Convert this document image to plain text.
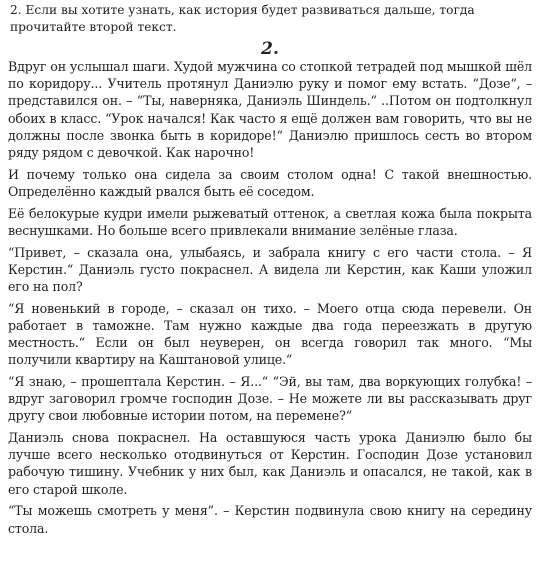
2. Если вы хотите узнать, как история будет развиваться дальше, тогда прочитайте второй текст.

2.

Вдруг он услышал шаги. Худой мужчина со стопкой тетрадей под мышкой шёл по коридору... Учитель протянул Даниэлю руку и помог ему встать. “Дозе“, – представился он. – “Ты, наверняка, Даниэль Шиндель.“ ..Потом он подтолкнул обоих в класс. “Урок начался! Как часто я ещё должен вам говорить, что вы не должны после звонка быть в коридоре!“ Даниэлю пришлось сесть во втором ряду рядом с девочкой. Как нарочно!

И почему только она сидела за своим столом одна! С такой внешностью. Определённо каждый рвался быть её соседом.

Её белокурые кудри имели рыжеватый оттенок, а светлая кожа была покрыта веснушками. Но больше всего привлекали внимание зелёные глаза.

“Привет, – сказала она, улыбаясь, и забрала книгу с его части стола. – Я Керстин.“ Даниэль густо покраснел. А видела ли Керстин, как Каши уложил его на пол?

“Я новенький в городе, – сказал он тихо. – Моего отца сюда перевели. Он работает в таможне. Там нужно каждые два года переезжать в другую местность.“ Если он был неуверен, он всегда говорил так много. “Мы получили квартиру на Каштановой улице.“

“Я знаю, – прошептала Керстин. – Я...“ “Эй, вы там, два воркующих голубка! – вдруг заговорил громче господин Дозе. – Не можете ли вы рассказывать друг другу свои любовные истории потом, на перемене?“

Даниэль снова покраснел. На оставшуюся часть урока Даниэлю было бы лучше всего несколько отодвинуться от Керстин. Господин Дозе установил рабочую тишину. Учебник у них был, как Даниэль и опасался, не такой, как в его старой школе.

“Ты можешь смотреть у меня”. – Керстин подвинула свою книгу на середину стола.
